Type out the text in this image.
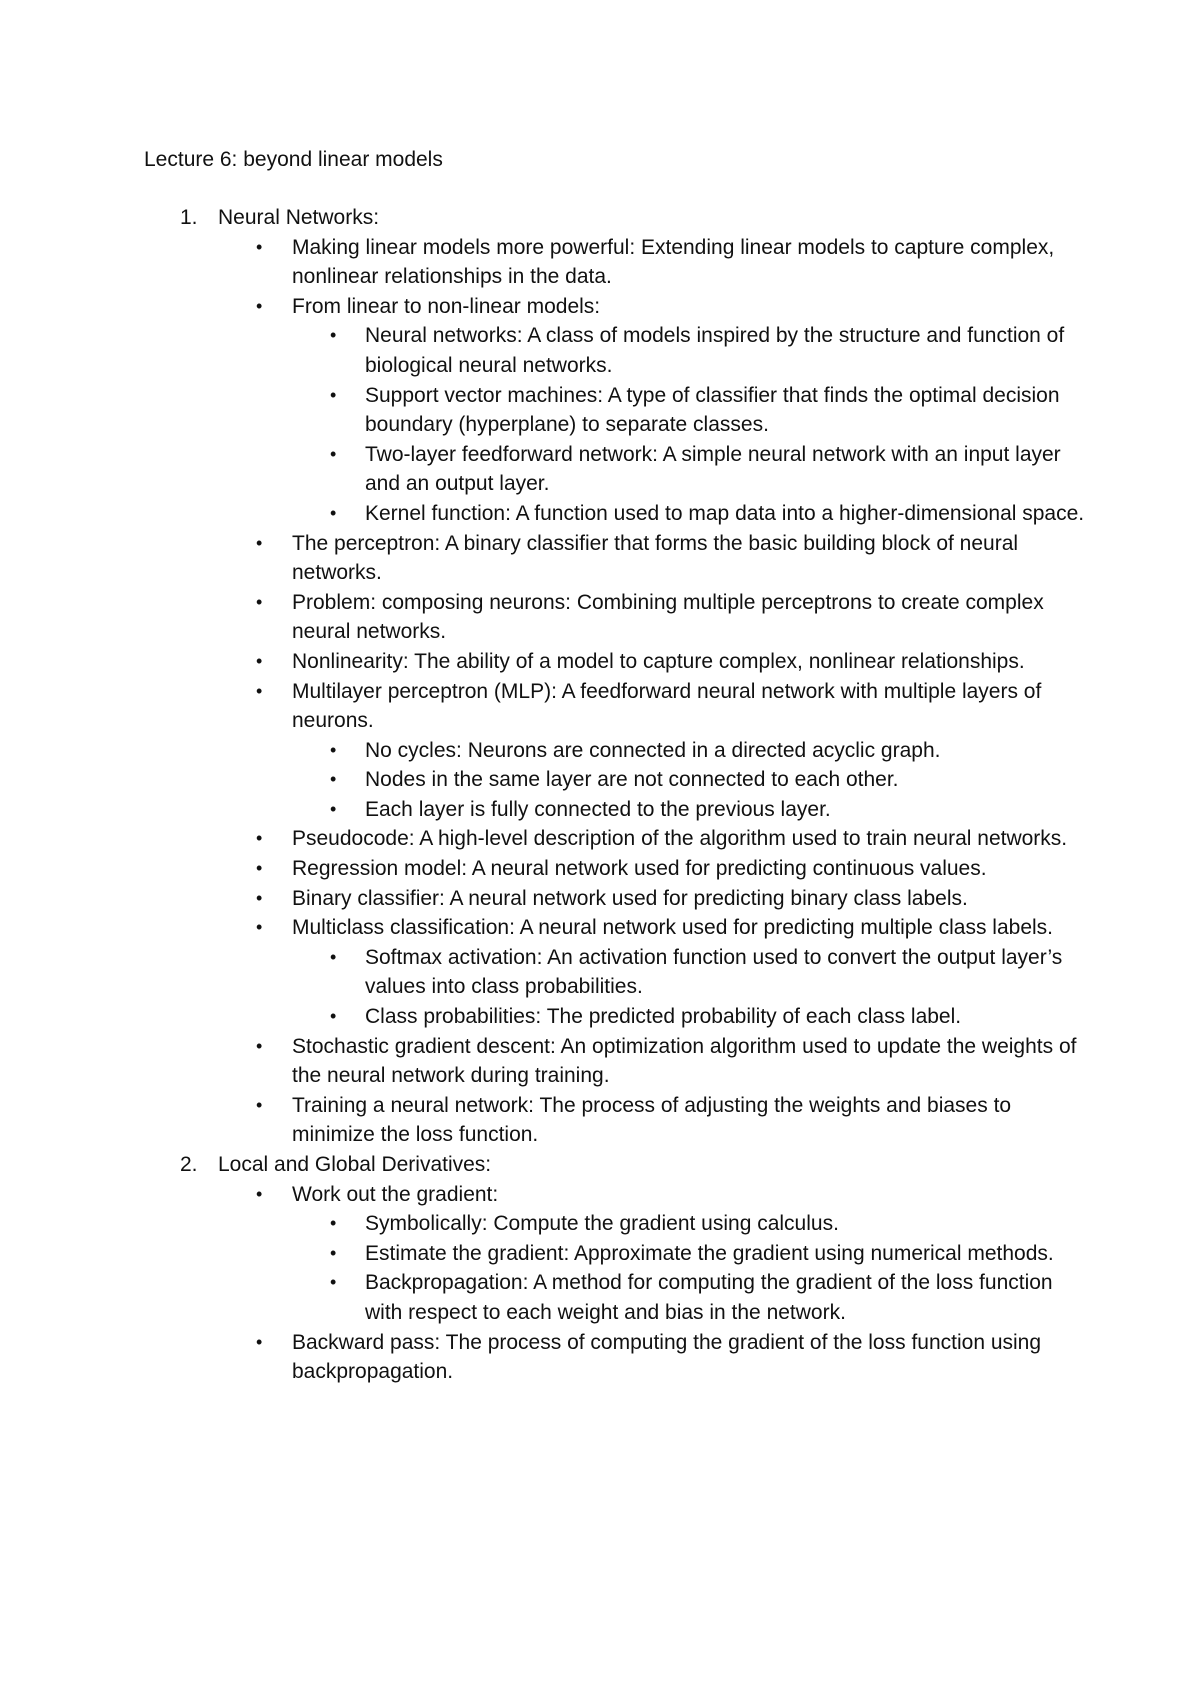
Lecture 6: beyond linear models
1. Neural Networks:
• Making linear models more powerful: Extending linear models to capture complex, nonlinear relationships in the data.
• From linear to non-linear models:
• Neural networks: A class of models inspired by the structure and function of biological neural networks.
• Support vector machines: A type of classifier that finds the optimal decision boundary (hyperplane) to separate classes.
• Two-layer feedforward network: A simple neural network with an input layer and an output layer.
• Kernel function: A function used to map data into a higher-dimensional space.
• The perceptron: A binary classifier that forms the basic building block of neural networks.
• Problem: composing neurons: Combining multiple perceptrons to create complex neural networks.
• Nonlinearity: The ability of a model to capture complex, nonlinear relationships.
• Multilayer perceptron (MLP): A feedforward neural network with multiple layers of neurons.
• No cycles: Neurons are connected in a directed acyclic graph.
• Nodes in the same layer are not connected to each other.
• Each layer is fully connected to the previous layer.
• Pseudocode: A high-level description of the algorithm used to train neural networks.
• Regression model: A neural network used for predicting continuous values.
• Binary classifier: A neural network used for predicting binary class labels.
• Multiclass classification: A neural network used for predicting multiple class labels.
• Softmax activation: An activation function used to convert the output layer’s values into class probabilities.
• Class probabilities: The predicted probability of each class label.
• Stochastic gradient descent: An optimization algorithm used to update the weights of the neural network during training.
• Training a neural network: The process of adjusting the weights and biases to minimize the loss function.
2. Local and Global Derivatives:
• Work out the gradient:
• Symbolically: Compute the gradient using calculus.
• Estimate the gradient: Approximate the gradient using numerical methods.
• Backpropagation: A method for computing the gradient of the loss function with respect to each weight and bias in the network.
• Backward pass: The process of computing the gradient of the loss function using backpropagation.
